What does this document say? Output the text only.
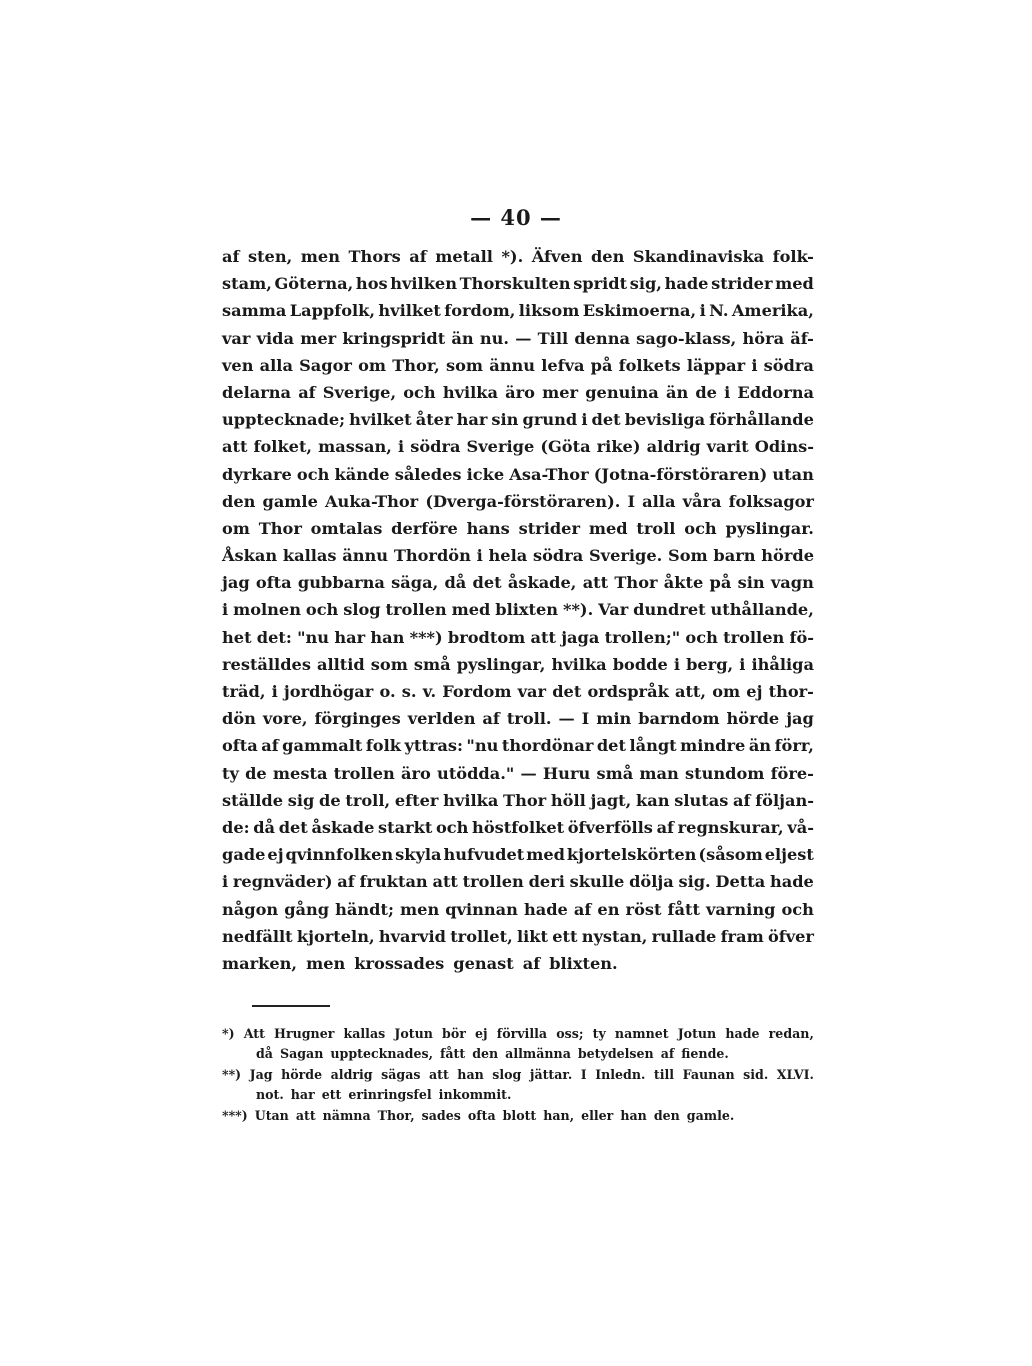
— 40 —
af sten, men Thors af metall *). Äfven den Skandinaviska folk-
stam, Göterna, hos hvilken Thorskulten spridt sig, hade strider med
samma Lappfolk, hvilket fordom, liksom Eskimoerna, i N. Amerika,
var vida mer kringspridt än nu. — Till denna sago-klass, höra äf-
ven alla Sagor om Thor, som ännu lefva på folkets läppar i södra
delarna af Sverige, och hvilka äro mer genuina än de i Eddorna
upptecknade; hvilket åter har sin grund i det bevisliga förhållande
att folket, massan, i södra Sverige (Göta rike) aldrig varit Odins-
dyrkare och kände således icke Asa-Thor (Jotna-förstöraren) utan
den gamle Auka-Thor (Dverga-förstöraren). I alla våra folksagor
om Thor omtalas derföre hans strider med troll och pyslingar.
Åskan kallas ännu Thordön i hela södra Sverige. Som barn hörde
jag ofta gubbarna säga, då det åskade, att Thor åkte på sin vagn
i molnen och slog trollen med blixten **). Var dundret uthållande,
het det: "nu har han ***) brodtom att jaga trollen;" och trollen fö-
reställdes alltid som små pyslingar, hvilka bodde i berg, i ihåliga
träd, i jordhögar o. s. v. Fordom var det ordspråk att, om ej thor-
dön vore, förginges verlden af troll. — I min barndom hörde jag
ofta af gammalt folk yttras: "nu thordönar det långt mindre än förr,
ty de mesta trollen äro utödda." — Huru små man stundom före-
ställde sig de troll, efter hvilka Thor höll jagt, kan slutas af följan-
de: då det åskade starkt och höstfolket öfverfölls af regnskurar, vå-
gade ej qvinnfolken skyla hufvudet med kjortelskörten (såsom eljest
i regnväder) af fruktan att trollen deri skulle dölja sig. Detta hade
någon gång händt; men qvinnan hade af en röst fått varning och
nedfällt kjorteln, hvarvid trollet, likt ett nystan, rullade fram öfver
marken, men krossades genast af blixten.
*) Att Hrugner kallas Jotun bör ej förvilla oss; ty namnet Jotun hade redan,
då Sagan upptecknades, fått den allmänna betydelsen af fiende.
**) Jag hörde aldrig sägas att han slog jättar. I Inledn. till Faunan sid. XLVI.
not. har ett erinringsfel inkommit.
***) Utan att nämna Thor, sades ofta blott han, eller han den gamle.
